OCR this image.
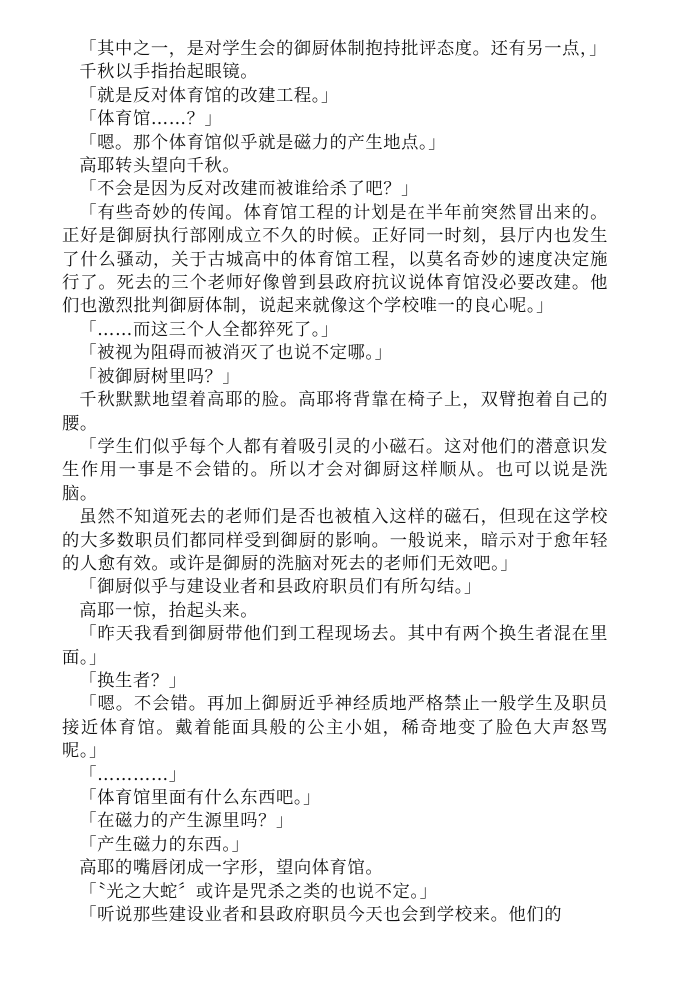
「其中之一，是对学生会的御厨体制抱持批评态度。还有另一点，」

千秋以手指抬起眼镜。

「就是反对体育馆的改建工程。」

「体育馆……？」

「嗯。那个体育馆似乎就是磁力的产生地点。」

高耶转头望向千秋。

「不会是因为反对改建而被谁给杀了吧？」

「有些奇妙的传闻。体育馆工程的计划是在半年前突然冒出来的。正好是御厨执行部刚成立不久的时候。正好同一时刻，县厅内也发生了什么骚动，关于古城高中的体育馆工程，以莫名奇妙的速度决定施行了。死去的三个老师好像曾到县政府抗议说体育馆没必要改建。他们也激烈批判御厨体制，说起来就像这个学校唯一的良心呢。」

「……而这三个人全都猝死了。」

「被视为阻碍而被消灭了也说不定哪。」

「被御厨树里吗？」

千秋默默地望着高耶的脸。高耶将背靠在椅子上，双臂抱着自己的腰。

「学生们似乎每个人都有着吸引灵的小磁石。这对他们的潜意识发生作用一事是不会错的。所以才会对御厨这样顺从。也可以说是洗脑。

虽然不知道死去的老师们是否也被植入这样的磁石，但现在这学校的大多数职员们都同样受到御厨的影响。一般说来，暗示对于愈年轻的人愈有效。或许是御厨的洗脑对死去的老师们无效吧。」

「御厨似乎与建设业者和县政府职员们有所勾结。」

高耶一惊，抬起头来。

「昨天我看到御厨带他们到工程现场去。其中有两个换生者混在里面。」

「换生者？」

「嗯。不会错。再加上御厨近乎神经质地严格禁止一般学生及职员接近体育馆。戴着能面具般的公主小姐，稀奇地变了脸色大声怒骂呢。」

「…………」

「体育馆里面有什么东西吧。」

「在磁力的产生源里吗？」

「产生磁力的东西。」

高耶的嘴唇闭成一字形，望向体育馆。

「〝光之大蛇〞或许是咒杀之类的也说不定。」

「听说那些建设业者和县政府职员今天也会到学校来。他们的
